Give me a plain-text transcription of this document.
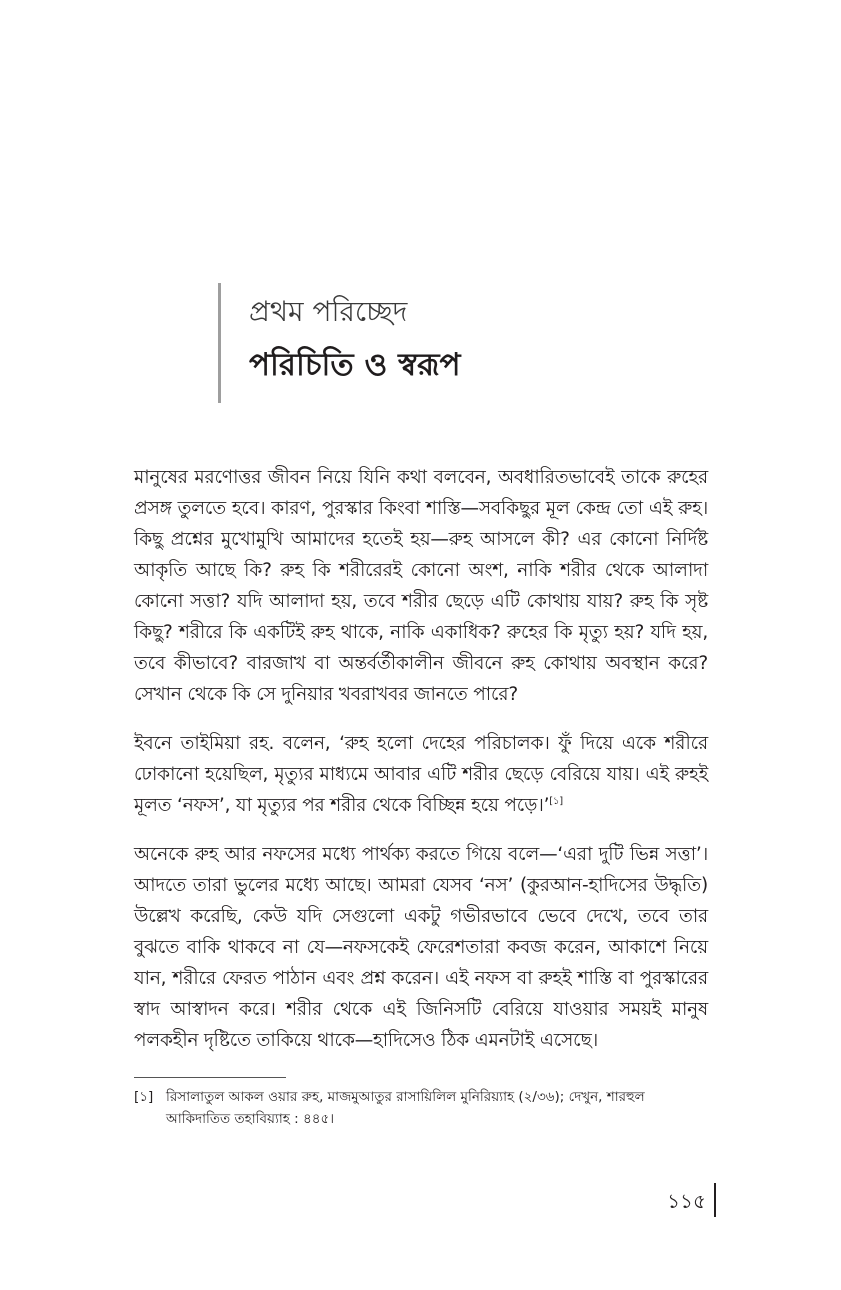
প্রথম পরিচ্ছেদ
পরিচিতি ও স্বরূপ

মানুষের মরণোত্তর জীবন নিয়ে যিনি কথা বলবেন, অবধারিতভাবেই তাকে রুহের প্রসঙ্গ তুলতে হবে। কারণ, পুরস্কার কিংবা শাস্তি—সবকিছুর মূল কেন্দ্র তো এই রুহ। কিছু প্রশ্নের মুখোমুখি আমাদের হতেই হয়—রুহ আসলে কী? এর কোনো নির্দিষ্ট আকৃতি আছে কি? রুহ কি শরীরেরই কোনো অংশ, নাকি শরীর থেকে আলাদা কোনো সত্তা? যদি আলাদা হয়, তবে শরীর ছেড়ে এটি কোথায় যায়? রুহ কি সৃষ্ট কিছু? শরীরে কি একটিই রুহ থাকে, নাকি একাধিক? রুহের কি মৃত্যু হয়? যদি হয়, তবে কীভাবে? বারজাখ বা অন্তর্বর্তীকালীন জীবনে রুহ কোথায় অবস্থান করে? সেখান থেকে কি সে দুনিয়ার খবরাখবর জানতে পারে?

ইবনে তাইমিয়া রহ. বলেন, ‘রুহ হলো দেহের পরিচালক। ফুঁ দিয়ে একে শরীরে ঢোকানো হয়েছিল, মৃত্যুর মাধ্যমে আবার এটি শরীর ছেড়ে বেরিয়ে যায়। এই রুহই মূলত ‘নফস’, যা মৃত্যুর পর শরীর থেকে বিচ্ছিন্ন হয়ে পড়ে।’[১]

অনেকে রুহ আর নফসের মধ্যে পার্থক্য করতে গিয়ে বলে—‘এরা দুটি ভিন্ন সত্তা’। আদতে তারা ভুলের মধ্যে আছে। আমরা যেসব ‘নস’ (কুরআন-হাদিসের উদ্ধৃতি) উল্লেখ করেছি, কেউ যদি সেগুলো একটু গভীরভাবে ভেবে দেখে, তবে তার বুঝতে বাকি থাকবে না যে—নফসকেই ফেরেশতারা কবজ করেন, আকাশে নিয়ে যান, শরীরে ফেরত পাঠান এবং প্রশ্ন করেন। এই নফস বা রুহই শাস্তি বা পুরস্কারের স্বাদ আস্বাদন করে। শরীর থেকে এই জিনিসটি বেরিয়ে যাওয়ার সময়ই মানুষ পলকহীন দৃষ্টিতে তাকিয়ে থাকে—হাদিসেও ঠিক এমনটাই এসেছে।

[১] রিসালাতুল আকল ওয়ার রুহ, মাজমুআতুর রাসায়িলিল মুনিরিয়্যাহ (২/৩৬); দেখুন, শারহুল আকিদাতিত তহাবিয়্যাহ : ৪৪৫।
১১৫
